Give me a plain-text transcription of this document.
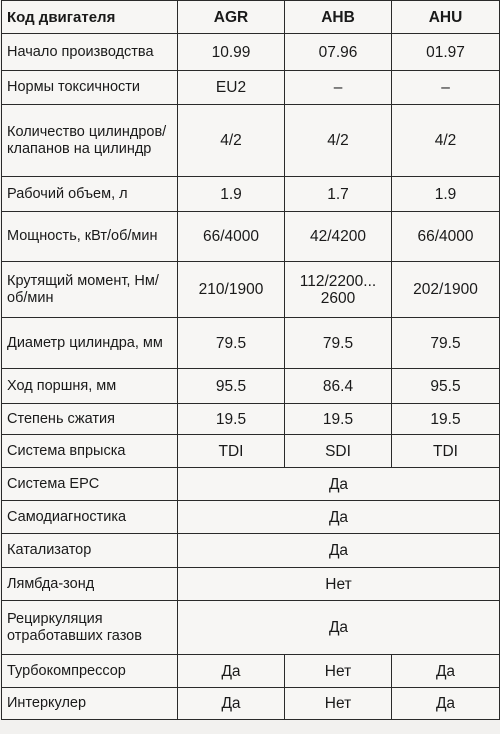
Код двигателя	AGR	AHB	AHU
Начало производства	10.99	07.96	01.97
Нормы токсичности	EU2	–	–
Количество цилиндров/клапанов на цилиндр	4/2	4/2	4/2
Рабочий объем, л	1.9	1.7	1.9
Мощность, кВт/об/мин	66/4000	42/4200	66/4000
Крутящий момент, Нм/об/мин	210/1900	112/2200... 2600	202/1900
Диаметр цилиндра, мм	79.5	79.5	79.5
Ход поршня, мм	95.5	86.4	95.5
Степень сжатия	19.5	19.5	19.5
Система впрыска	TDI	SDI	TDI
Система EPC	Да		
Самодиагностика	Да		
Катализатор	Да		
Лямбда-зонд	Нет		
Рециркуляция отработавших газов	Да		
Турбокомпрессор	Да	Нет	Да
Интеркулер	Да	Нет	Да
